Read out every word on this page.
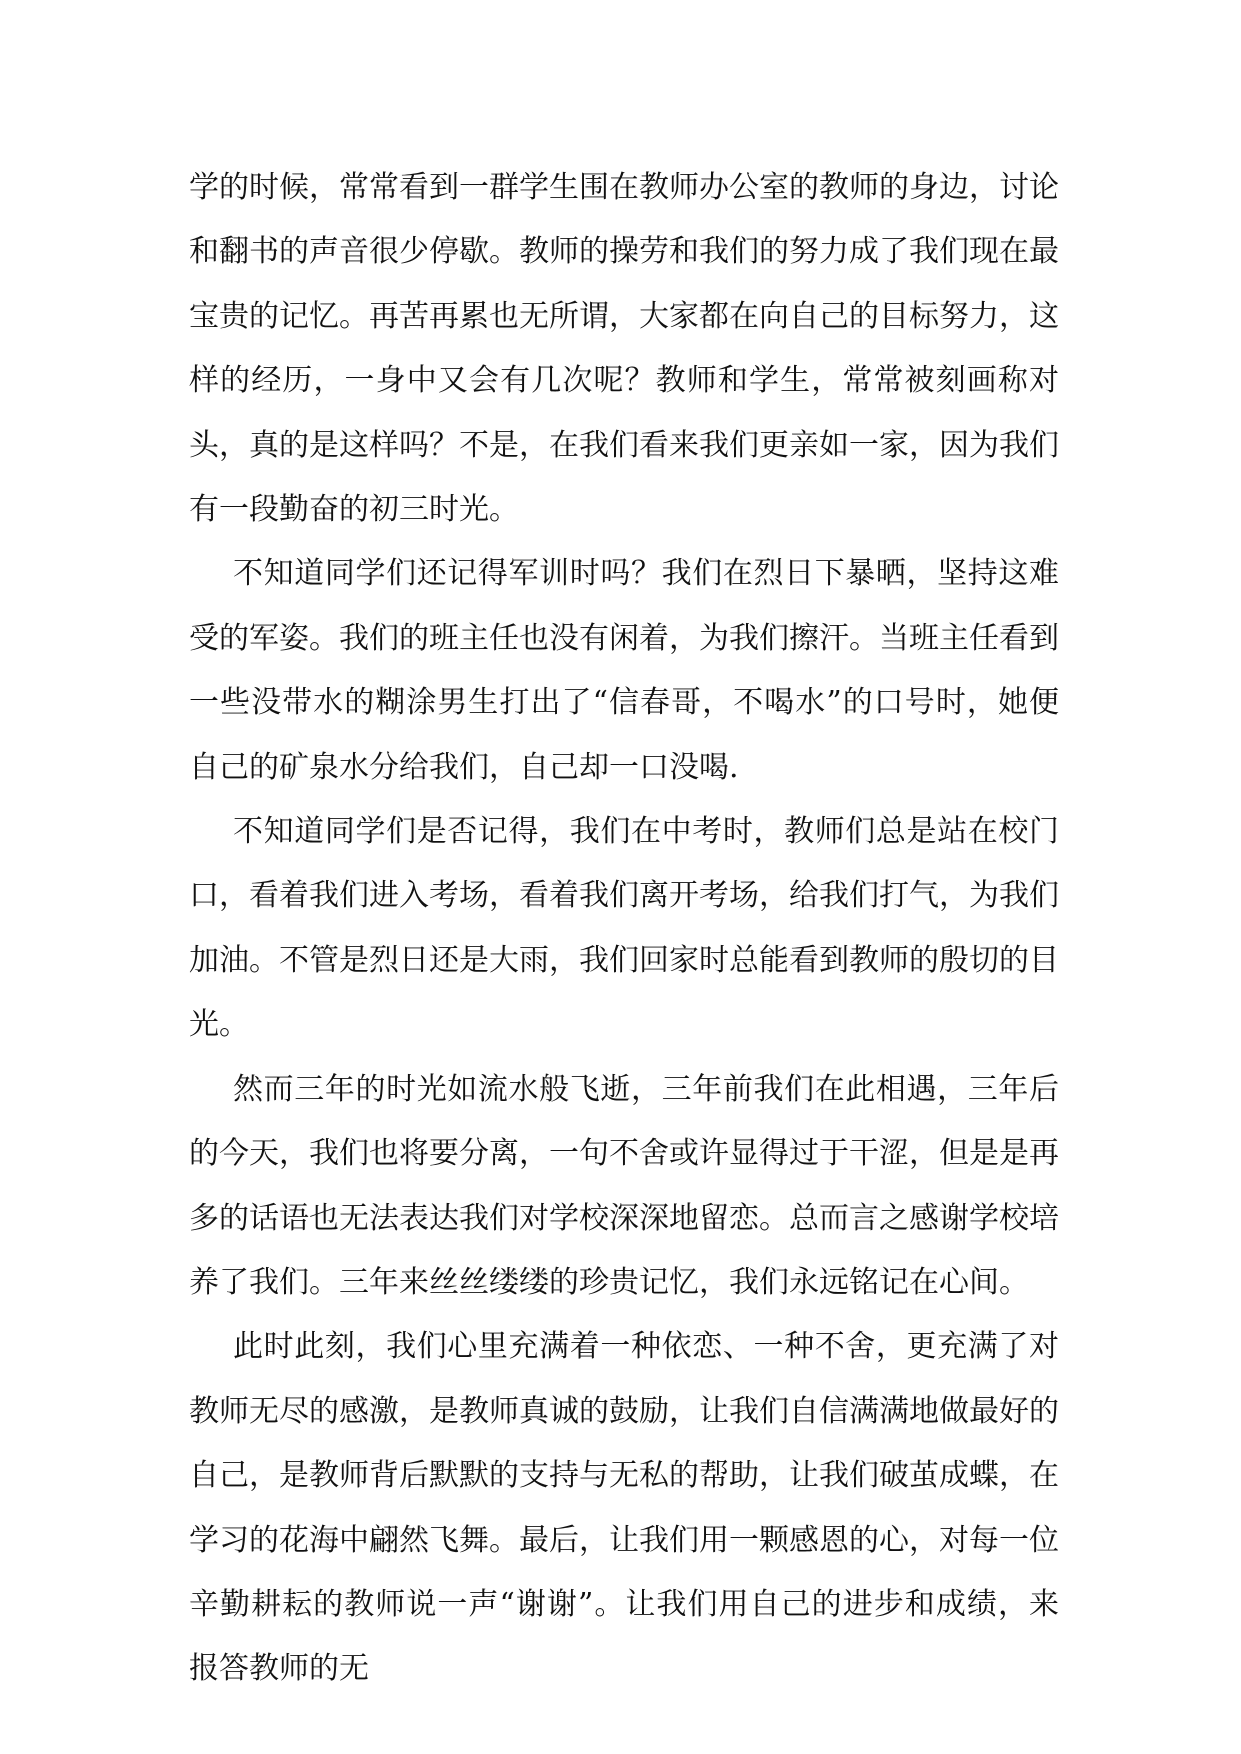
学的时候，常常看到一群学生围在教师办公室的教师的身边，讨论和翻书的声音很少停歇。教师的操劳和我们的努力成了我们现在最宝贵的记忆。再苦再累也无所谓，大家都在向自己的目标努力，这样的经历，一身中又会有几次呢？教师和学生，常常被刻画称对头，真的是这样吗？不是，在我们看来我们更亲如一家，因为我们有一段勤奋的初三时光。

不知道同学们还记得军训时吗？我们在烈日下暴晒，坚持这难受的军姿。我们的班主任也没有闲着，为我们擦汗。当班主任看到一些没带水的糊涂男生打出了“信春哥，不喝水”的口号时，她便自己的矿泉水分给我们，自己却一口没喝.

不知道同学们是否记得，我们在中考时，教师们总是站在校门口，看着我们进入考场，看着我们离开考场，给我们打气，为我们加油。不管是烈日还是大雨，我们回家时总能看到教师的殷切的目光。

然而三年的时光如流水般飞逝，三年前我们在此相遇，三年后的今天，我们也将要分离，一句不舍或许显得过于干涩，但是是再多的话语也无法表达我们对学校深深地留恋。总而言之感谢学校培养了我们。三年来丝丝缕缕的珍贵记忆，我们永远铭记在心间。

此时此刻，我们心里充满着一种依恋、一种不舍，更充满了对教师无尽的感激，是教师真诚的鼓励，让我们自信满满地做最好的自己，是教师背后默默的支持与无私的帮助，让我们破茧成蝶，在学习的花海中翩然飞舞。最后，让我们用一颗感恩的心，对每一位辛勤耕耘的教师说一声“谢谢”。让我们用自己的进步和成绩，来报答教师的无
